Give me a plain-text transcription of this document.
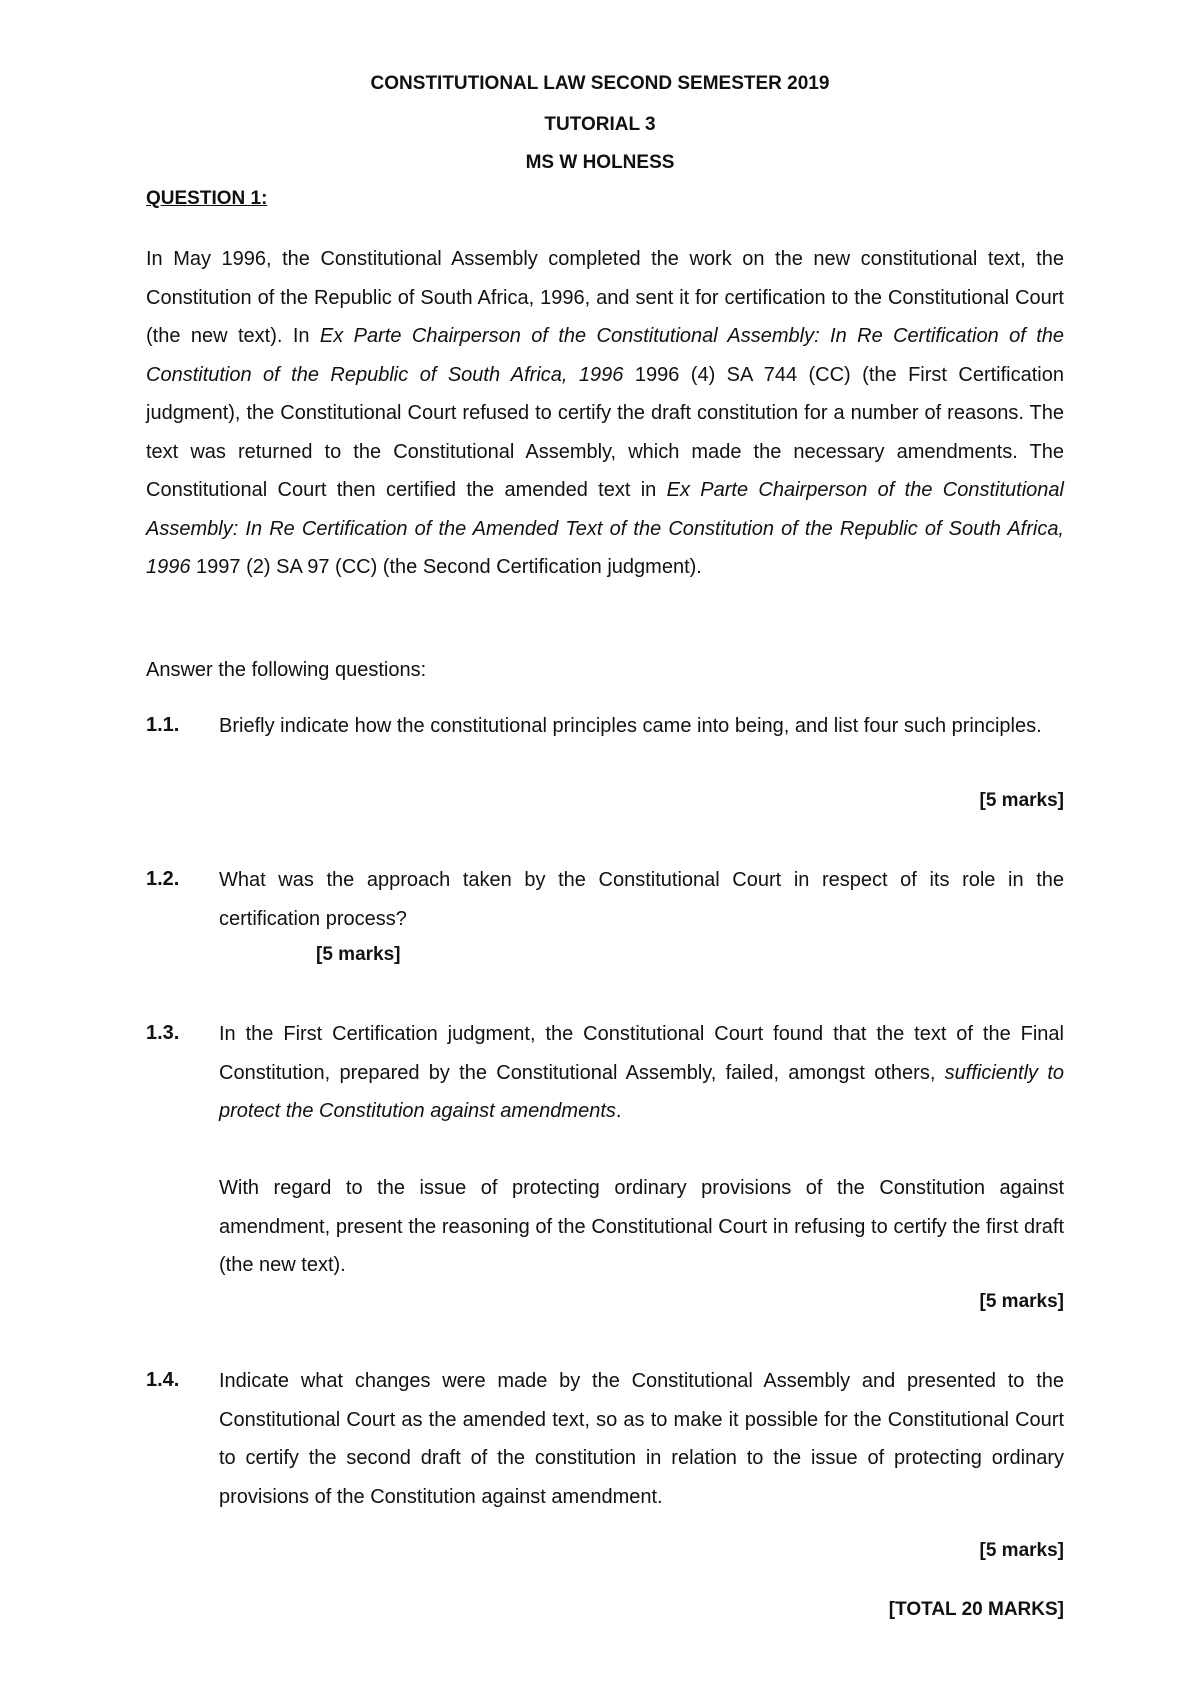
CONSTITUTIONAL LAW SECOND SEMESTER 2019
TUTORIAL 3
MS W HOLNESS
QUESTION 1:
In May 1996, the Constitutional Assembly completed the work on the new constitutional text, the Constitution of the Republic of South Africa, 1996, and sent it for certification to the Constitutional Court (the new text). In Ex Parte Chairperson of the Constitutional Assembly: In Re Certification of the Constitution of the Republic of South Africa, 1996 1996 (4) SA 744 (CC) (the First Certification judgment), the Constitutional Court refused to certify the draft constitution for a number of reasons. The text was returned to the Constitutional Assembly, which made the necessary amendments. The Constitutional Court then certified the amended text in Ex Parte Chairperson of the Constitutional Assembly: In Re Certification of the Amended Text of the Constitution of the Republic of South Africa, 1996 1997 (2) SA 97 (CC) (the Second Certification judgment).
Answer the following questions:
1.1. Briefly indicate how the constitutional principles came into being, and list four such principles.
[5 marks]
1.2. What was the approach taken by the Constitutional Court in respect of its role in the certification process?
[5 marks]
1.3. In the First Certification judgment, the Constitutional Court found that the text of the Final Constitution, prepared by the Constitutional Assembly, failed, amongst others, sufficiently to protect the Constitution against amendments.
With regard to the issue of protecting ordinary provisions of the Constitution against amendment, present the reasoning of the Constitutional Court in refusing to certify the first draft (the new text).
[5 marks]
1.4. Indicate what changes were made by the Constitutional Assembly and presented to the Constitutional Court as the amended text, so as to make it possible for the Constitutional Court to certify the second draft of the constitution in relation to the issue of protecting ordinary provisions of the Constitution against amendment.
[5 marks]
[TOTAL 20 MARKS]
